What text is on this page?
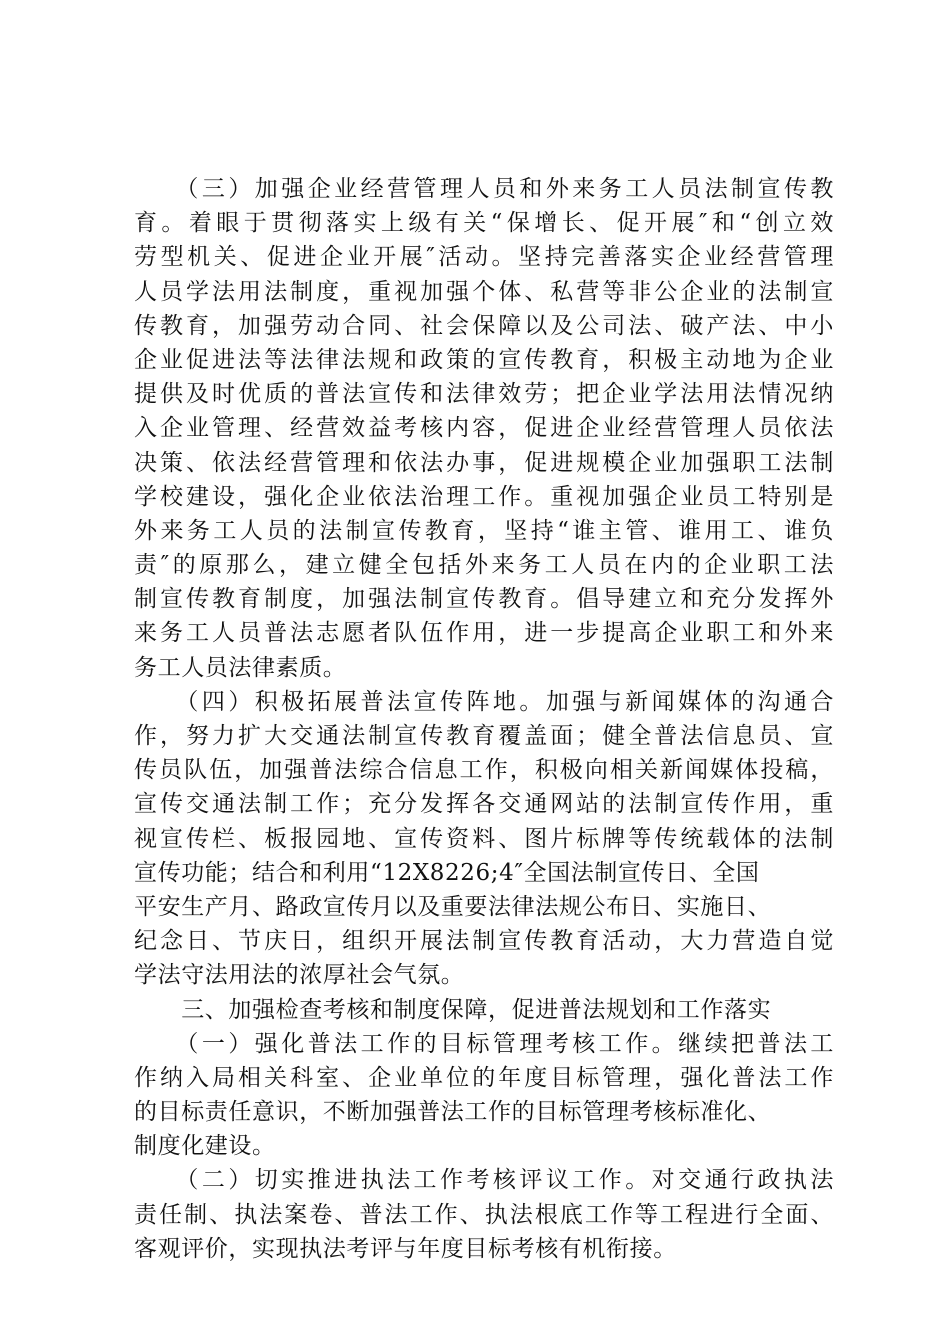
　　（三）加强企业经营管理人员和外来务工人员法制宣传教
育。着眼于贯彻落实上级有关“保增长、促开展″和“创立效
劳型机关、促进企业开展″活动。坚持完善落实企业经营管理
人员学法用法制度，重视加强个体、私营等非公企业的法制宣
传教育，加强劳动合同、社会保障以及公司法、破产法、中小
企业促进法等法律法规和政策的宣传教育，积极主动地为企业
提供及时优质的普法宣传和法律效劳；把企业学法用法情况纳
入企业管理、经营效益考核内容，促进企业经营管理人员依法
决策、依法经营管理和依法办事，促进规模企业加强职工法制
学校建设，强化企业依法治理工作。重视加强企业员工特别是
外来务工人员的法制宣传教育，坚持“谁主管、谁用工、谁负
责″的原那么，建立健全包括外来务工人员在内的企业职工法
制宣传教育制度，加强法制宣传教育。倡导建立和充分发挥外
来务工人员普法志愿者队伍作用，进一步提高企业职工和外来
务工人员法律素质。
　　（四）积极拓展普法宣传阵地。加强与新闻媒体的沟通合
作，努力扩大交通法制宣传教育覆盖面；健全普法信息员、宣
传员队伍，加强普法综合信息工作，积极向相关新闻媒体投稿，
宣传交通法制工作；充分发挥各交通网站的法制宣传作用，重
视宣传栏、板报园地、宣传资料、图片标牌等传统载体的法制
宣传功能；结合和利用“12X8226;4″全国法制宣传日、全国
平安生产月、路政宣传月以及重要法律法规公布日、实施日、
纪念日、节庆日，组织开展法制宣传教育活动，大力营造自觉
学法守法用法的浓厚社会气氛。
　　三、加强检查考核和制度保障，促进普法规划和工作落实
　　（一）强化普法工作的目标管理考核工作。继续把普法工
作纳入局相关科室、企业单位的年度目标管理，强化普法工作
的目标责任意识，不断加强普法工作的目标管理考核标准化、
制度化建设。
　　（二）切实推进执法工作考核评议工作。对交通行政执法
责任制、执法案卷、普法工作、执法根底工作等工程进行全面、
客观评价，实现执法考评与年度目标考核有机衔接。
